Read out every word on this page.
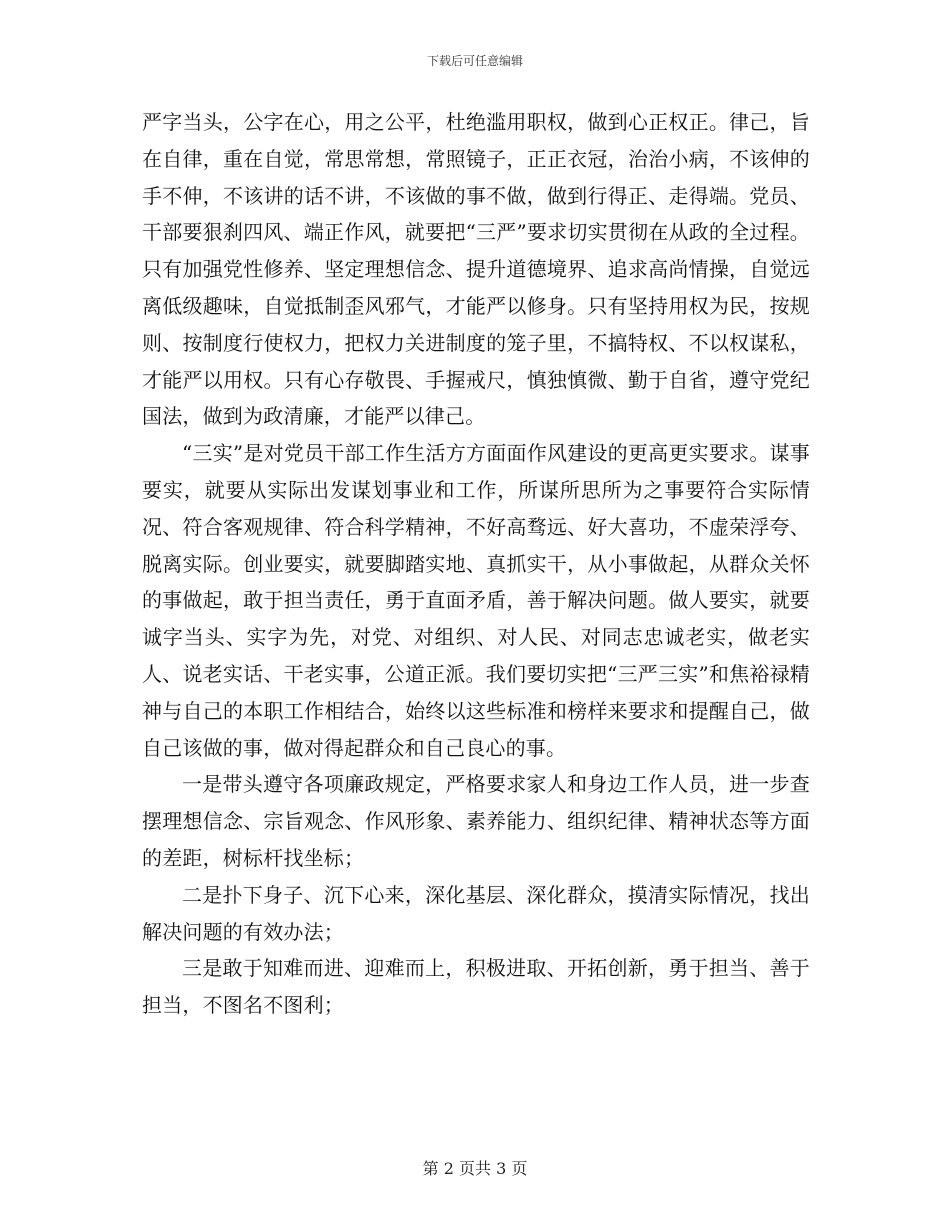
下载后可任意编辑

严字当头，公字在心，用之公平，杜绝滥用职权，做到心正权正。律己，旨在自律，重在自觉，常思常想，常照镜子，正正衣冠，治治小病，不该伸的手不伸，不该讲的话不讲，不该做的事不做，做到行得正、走得端。党员、干部要狠刹四风、端正作风，就要把“三严”要求切实贯彻在从政的全过程。只有加强党性修养、坚定理想信念、提升道德境界、追求高尚情操，自觉远离低级趣味，自觉抵制歪风邪气，才能严以修身。只有坚持用权为民，按规则、按制度行使权力，把权力关进制度的笼子里，不搞特权、不以权谋私，才能严以用权。只有心存敬畏、手握戒尺，慎独慎微、勤于自省，遵守党纪国法，做到为政清廉，才能严以律己。

“三实”是对党员干部工作生活方方面面作风建设的更高更实要求。谋事要实，就要从实际出发谋划事业和工作，所谋所思所为之事要符合实际情况、符合客观规律、符合科学精神，不好高骛远、好大喜功，不虚荣浮夸、脱离实际。创业要实，就要脚踏实地、真抓实干，从小事做起，从群众关怀的事做起，敢于担当责任，勇于直面矛盾，善于解决问题。做人要实，就要诚字当头、实字为先，对党、对组织、对人民、对同志忠诚老实，做老实人、说老实话、干老实事，公道正派。我们要切实把“三严三实”和焦裕禄精神与自己的本职工作相结合，始终以这些标准和榜样来要求和提醒自己，做自己该做的事，做对得起群众和自己良心的事。

一是带头遵守各项廉政规定，严格要求家人和身边工作人员，进一步查摆理想信念、宗旨观念、作风形象、素养能力、组织纪律、精神状态等方面的差距，树标杆找坐标；

二是扑下身子、沉下心来，深化基层、深化群众，摸清实际情况，找出解决问题的有效办法；

三是敢于知难而进、迎难而上，积极进取、开拓创新，勇于担当、善于担当，不图名不图利；

第 2 页共 3 页
